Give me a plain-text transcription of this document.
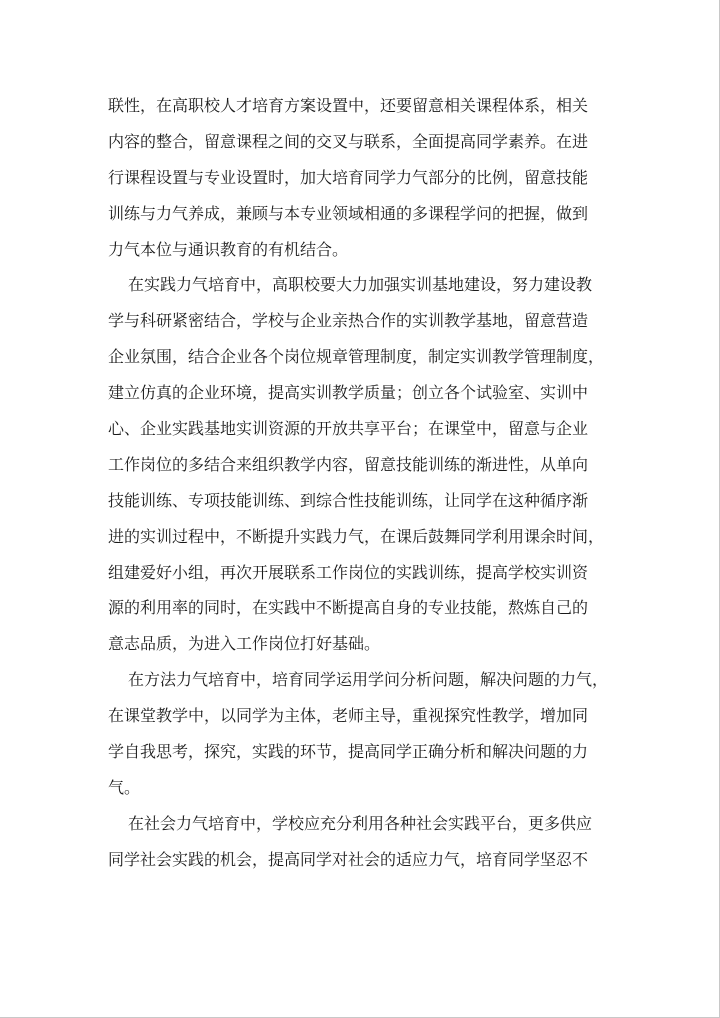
联性，在高职校人才培育方案设置中，还要留意相关课程体系，相关
内容的整合，留意课程之间的交叉与联系，全面提高同学素养。在进
行课程设置与专业设置时，加大培育同学力气部分的比例，留意技能
训练与力气养成，兼顾与本专业领域相通的多课程学问的把握，做到
力气本位与通识教育的有机结合。
在实践力气培育中，高职校要大力加强实训基地建设，努力建设教
学与科研紧密结合，学校与企业亲热合作的实训教学基地，留意营造
企业氛围，结合企业各个岗位规章管理制度，制定实训教学管理制度，
建立仿真的企业环境，提高实训教学质量；创立各个试验室、实训中
心、企业实践基地实训资源的开放共享平台；在课堂中，留意与企业
工作岗位的多结合来组织教学内容，留意技能训练的渐进性，从单向
技能训练、专项技能训练、到综合性技能训练，让同学在这种循序渐
进的实训过程中，不断提升实践力气，在课后鼓舞同学利用课余时间，
组建爱好小组，再次开展联系工作岗位的实践训练，提高学校实训资
源的利用率的同时，在实践中不断提高自身的专业技能，熬炼自己的
意志品质，为进入工作岗位打好基础。
在方法力气培育中，培育同学运用学问分析问题，解决问题的力气，
在课堂教学中，以同学为主体，老师主导，重视探究性教学，增加同
学自我思考，探究，实践的环节，提高同学正确分析和解决问题的力
气。
在社会力气培育中，学校应充分利用各种社会实践平台，更多供应
同学社会实践的机会，提高同学对社会的适应力气，培育同学坚忍不
